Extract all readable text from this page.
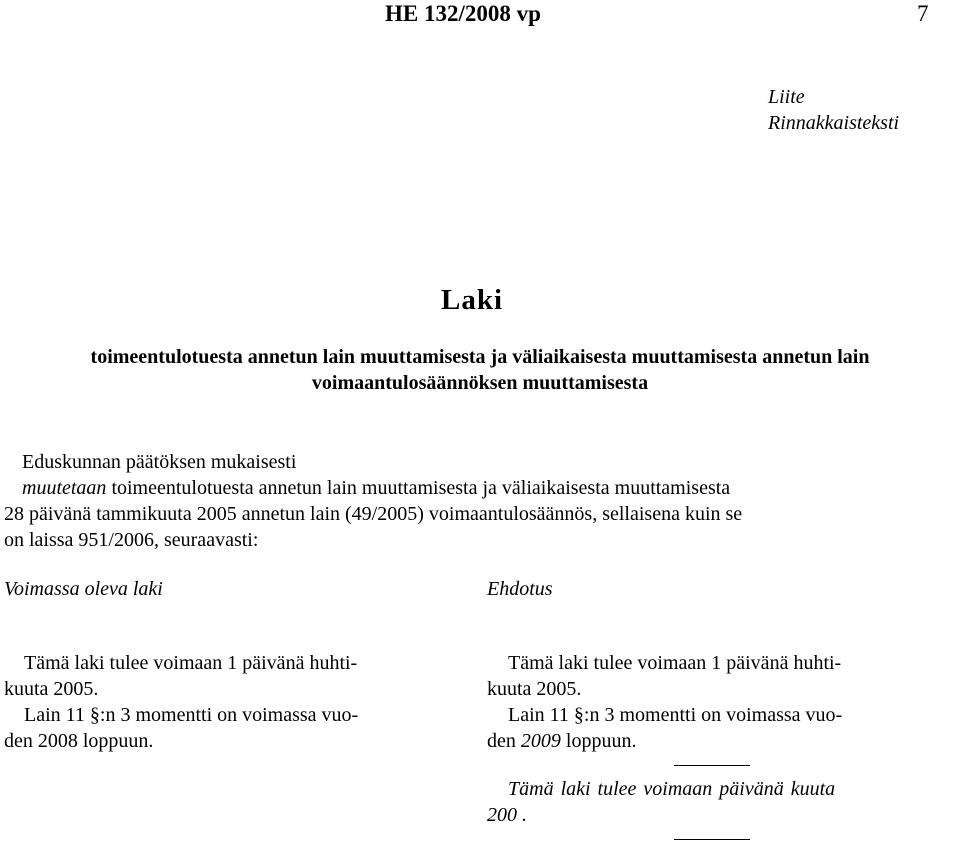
HE 132/2008 vp	7
Liite
Rinnakkaisteksti
Laki
toimeentulotuesta annetun lain muuttamisesta ja väliaikaisesta muuttamisesta annetun lain
voimaantulosäännöksen muuttamisesta
Eduskunnan päätöksen mukaisesti
muutetaan toimeentulotuesta annetun lain muuttamisesta ja väliaikaisesta muuttamisesta
28 päivänä tammikuuta 2005 annetun lain (49/2005) voimaantulosäännös, sellaisena kuin se
on laissa 951/2006, seuraavasti:
Voimassa oleva laki	Ehdotus
Tämä laki tulee voimaan 1 päivänä huhti-
kuuta 2005.
Lain 11 §:n 3 momentti on voimassa vuo-
den 2008 loppuun.
Tämä laki tulee voimaan 1 päivänä huhti-
kuuta 2005.
Lain 11 §:n 3 momentti on voimassa vuo-
den 2009 loppuun.
Tämä laki tulee voimaan päivänä kuuta
200 .
